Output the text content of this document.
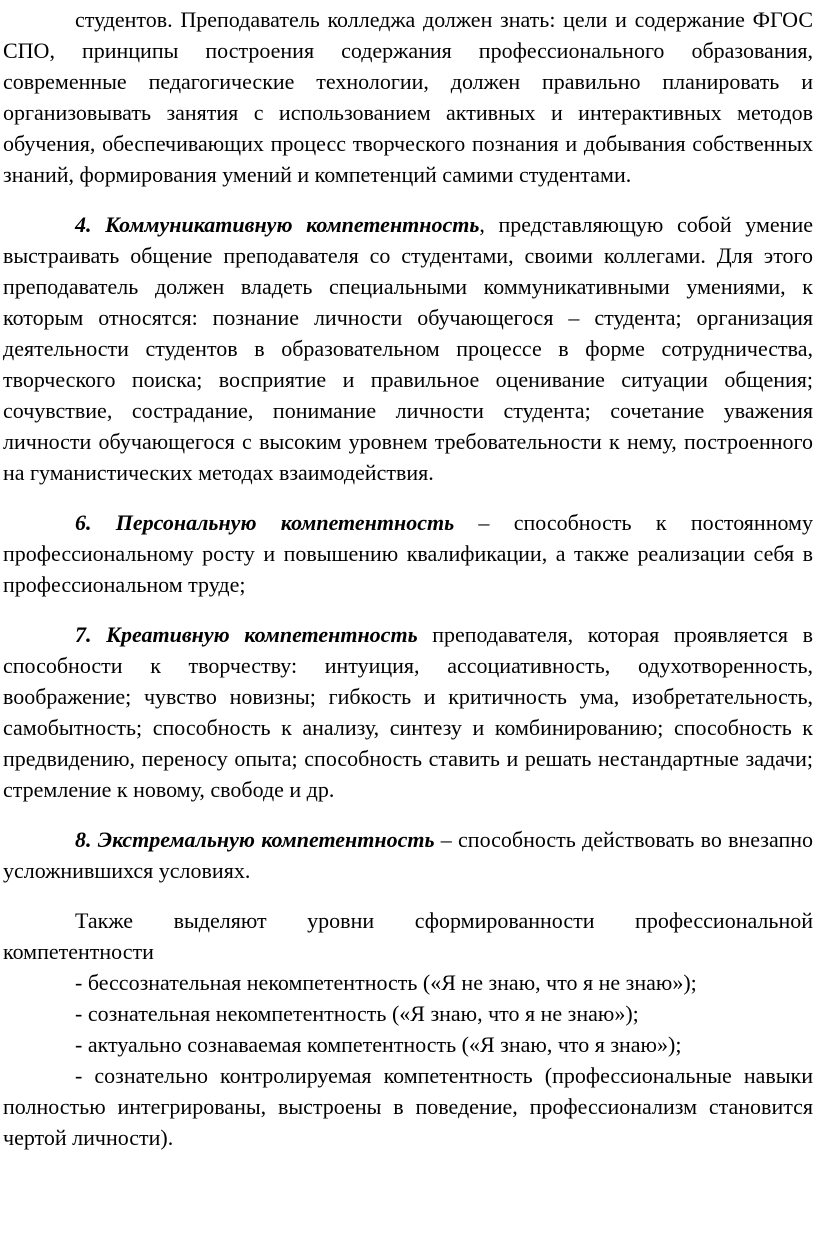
студентов. Преподаватель колледжа должен знать: цели и содержание ФГОС СПО, принципы построения содержания профессионального образования, современные педагогические технологии, должен правильно планировать и организовывать занятия с использованием активных и интерактивных методов обучения, обеспечивающих процесс творческого познания и добывания собственных знаний, формирования умений и компетенций самими студентами.

4. Коммуникативную компетентность, представляющую собой умение выстраивать общение преподавателя со студентами, своими коллегами. Для этого преподаватель должен владеть специальными коммуникативными умениями, к которым относятся: познание личности обучающегося – студента; организация деятельности студентов в образовательном процессе в форме сотрудничества, творческого поиска; восприятие и правильное оценивание ситуации общения; сочувствие, сострадание, понимание личности студента; сочетание уважения личности обучающегося с высоким уровнем требовательности к нему, построенного на гуманистических методах взаимодействия.

6. Персональную компетентность – способность к постоянному профессиональному росту и повышению квалификации, а также реализации себя в профессиональном труде;

7. Креативную компетентность преподавателя, которая проявляется в способности к творчеству: интуиция, ассоциативность, одухотворенность, воображение; чувство новизны; гибкость и критичность ума, изобретательность, самобытность; способность к анализу, синтезу и комбинированию; способность к предвидению, переносу опыта; способность ставить и решать нестандартные задачи; стремление к новому, свободе и др.

8. Экстремальную компетентность – способность действовать во внезапно усложнившихся условиях.

Также выделяют уровни сформированности профессиональной компетентности

- бессознательная некомпетентность («Я не знаю, что я не знаю»);

- сознательная некомпетентность («Я знаю, что я не знаю»);

- актуально сознаваемая компетентность («Я знаю, что я знаю»);

- сознательно контролируемая компетентность (профессиональные навыки полностью интегрированы, выстроены в поведение, профессионализм становится чертой личности).
